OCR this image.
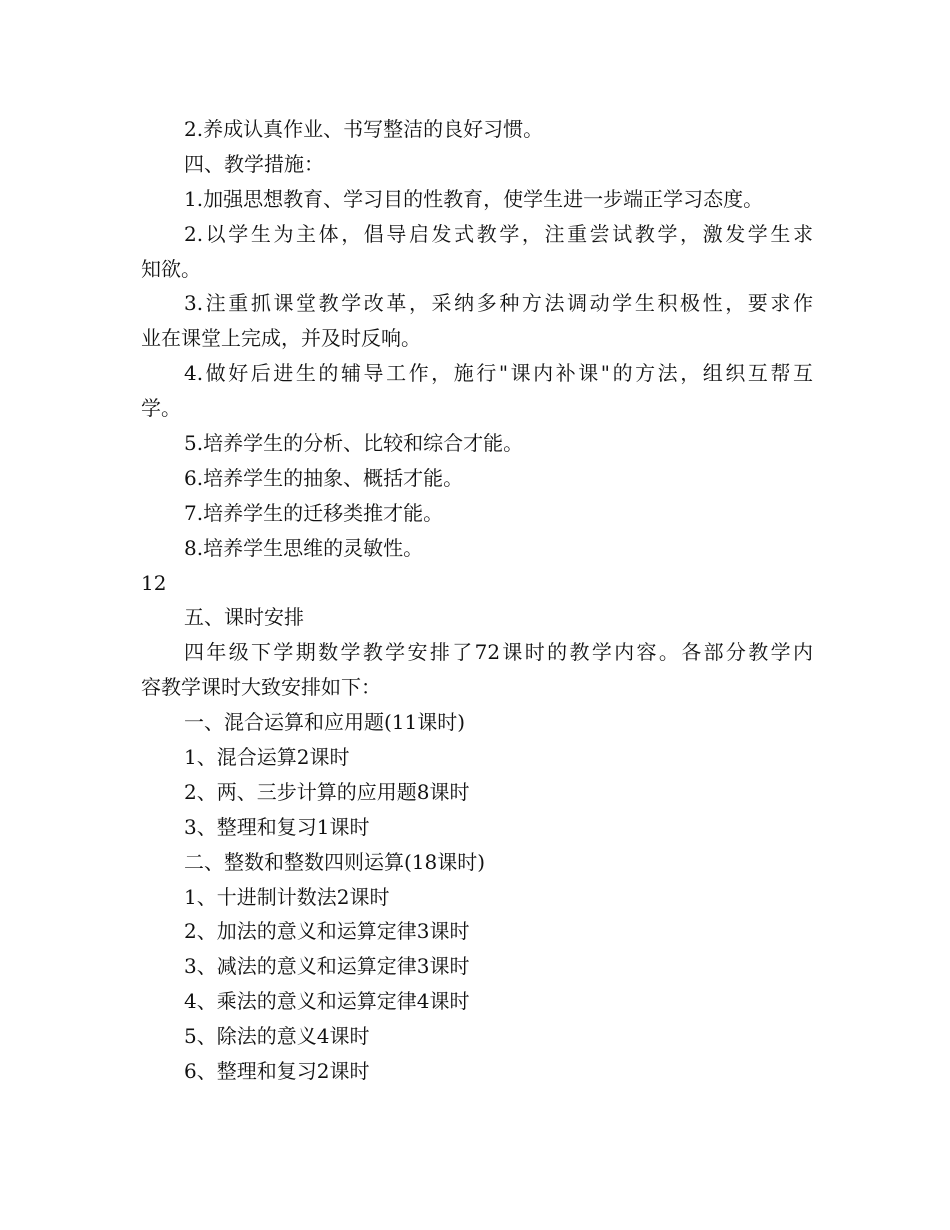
2.养成认真作业、书写整洁的良好习惯。
四、教学措施：
1.加强思想教育、学习目的性教育，使学生进一步端正学习态度。
2.以学生为主体，倡导启发式教学，注重尝试教学，激发学生求
知欲。
3.注重抓课堂教学改革，采纳多种方法调动学生积极性，要求作
业在课堂上完成，并及时反响。
4.做好后进生的辅导工作，施行"课内补课"的方法，组织互帮互
学。
5.培养学生的分析、比较和综合才能。
6.培养学生的抽象、概括才能。
7.培养学生的迁移类推才能。
8.培养学生思维的灵敏性。
12
五、课时安排
四年级下学期数学教学安排了72课时的教学内容。各部分教学内
容教学课时大致安排如下：
一、混合运算和应用题(11课时)
1、混合运算2课时
2、两、三步计算的应用题8课时
3、整理和复习1课时
二、整数和整数四则运算(18课时)
1、十进制计数法2课时
2、加法的意义和运算定律3课时
3、减法的意义和运算定律3课时
4、乘法的意义和运算定律4课时
5、除法的意义4课时
6、整理和复习2课时
